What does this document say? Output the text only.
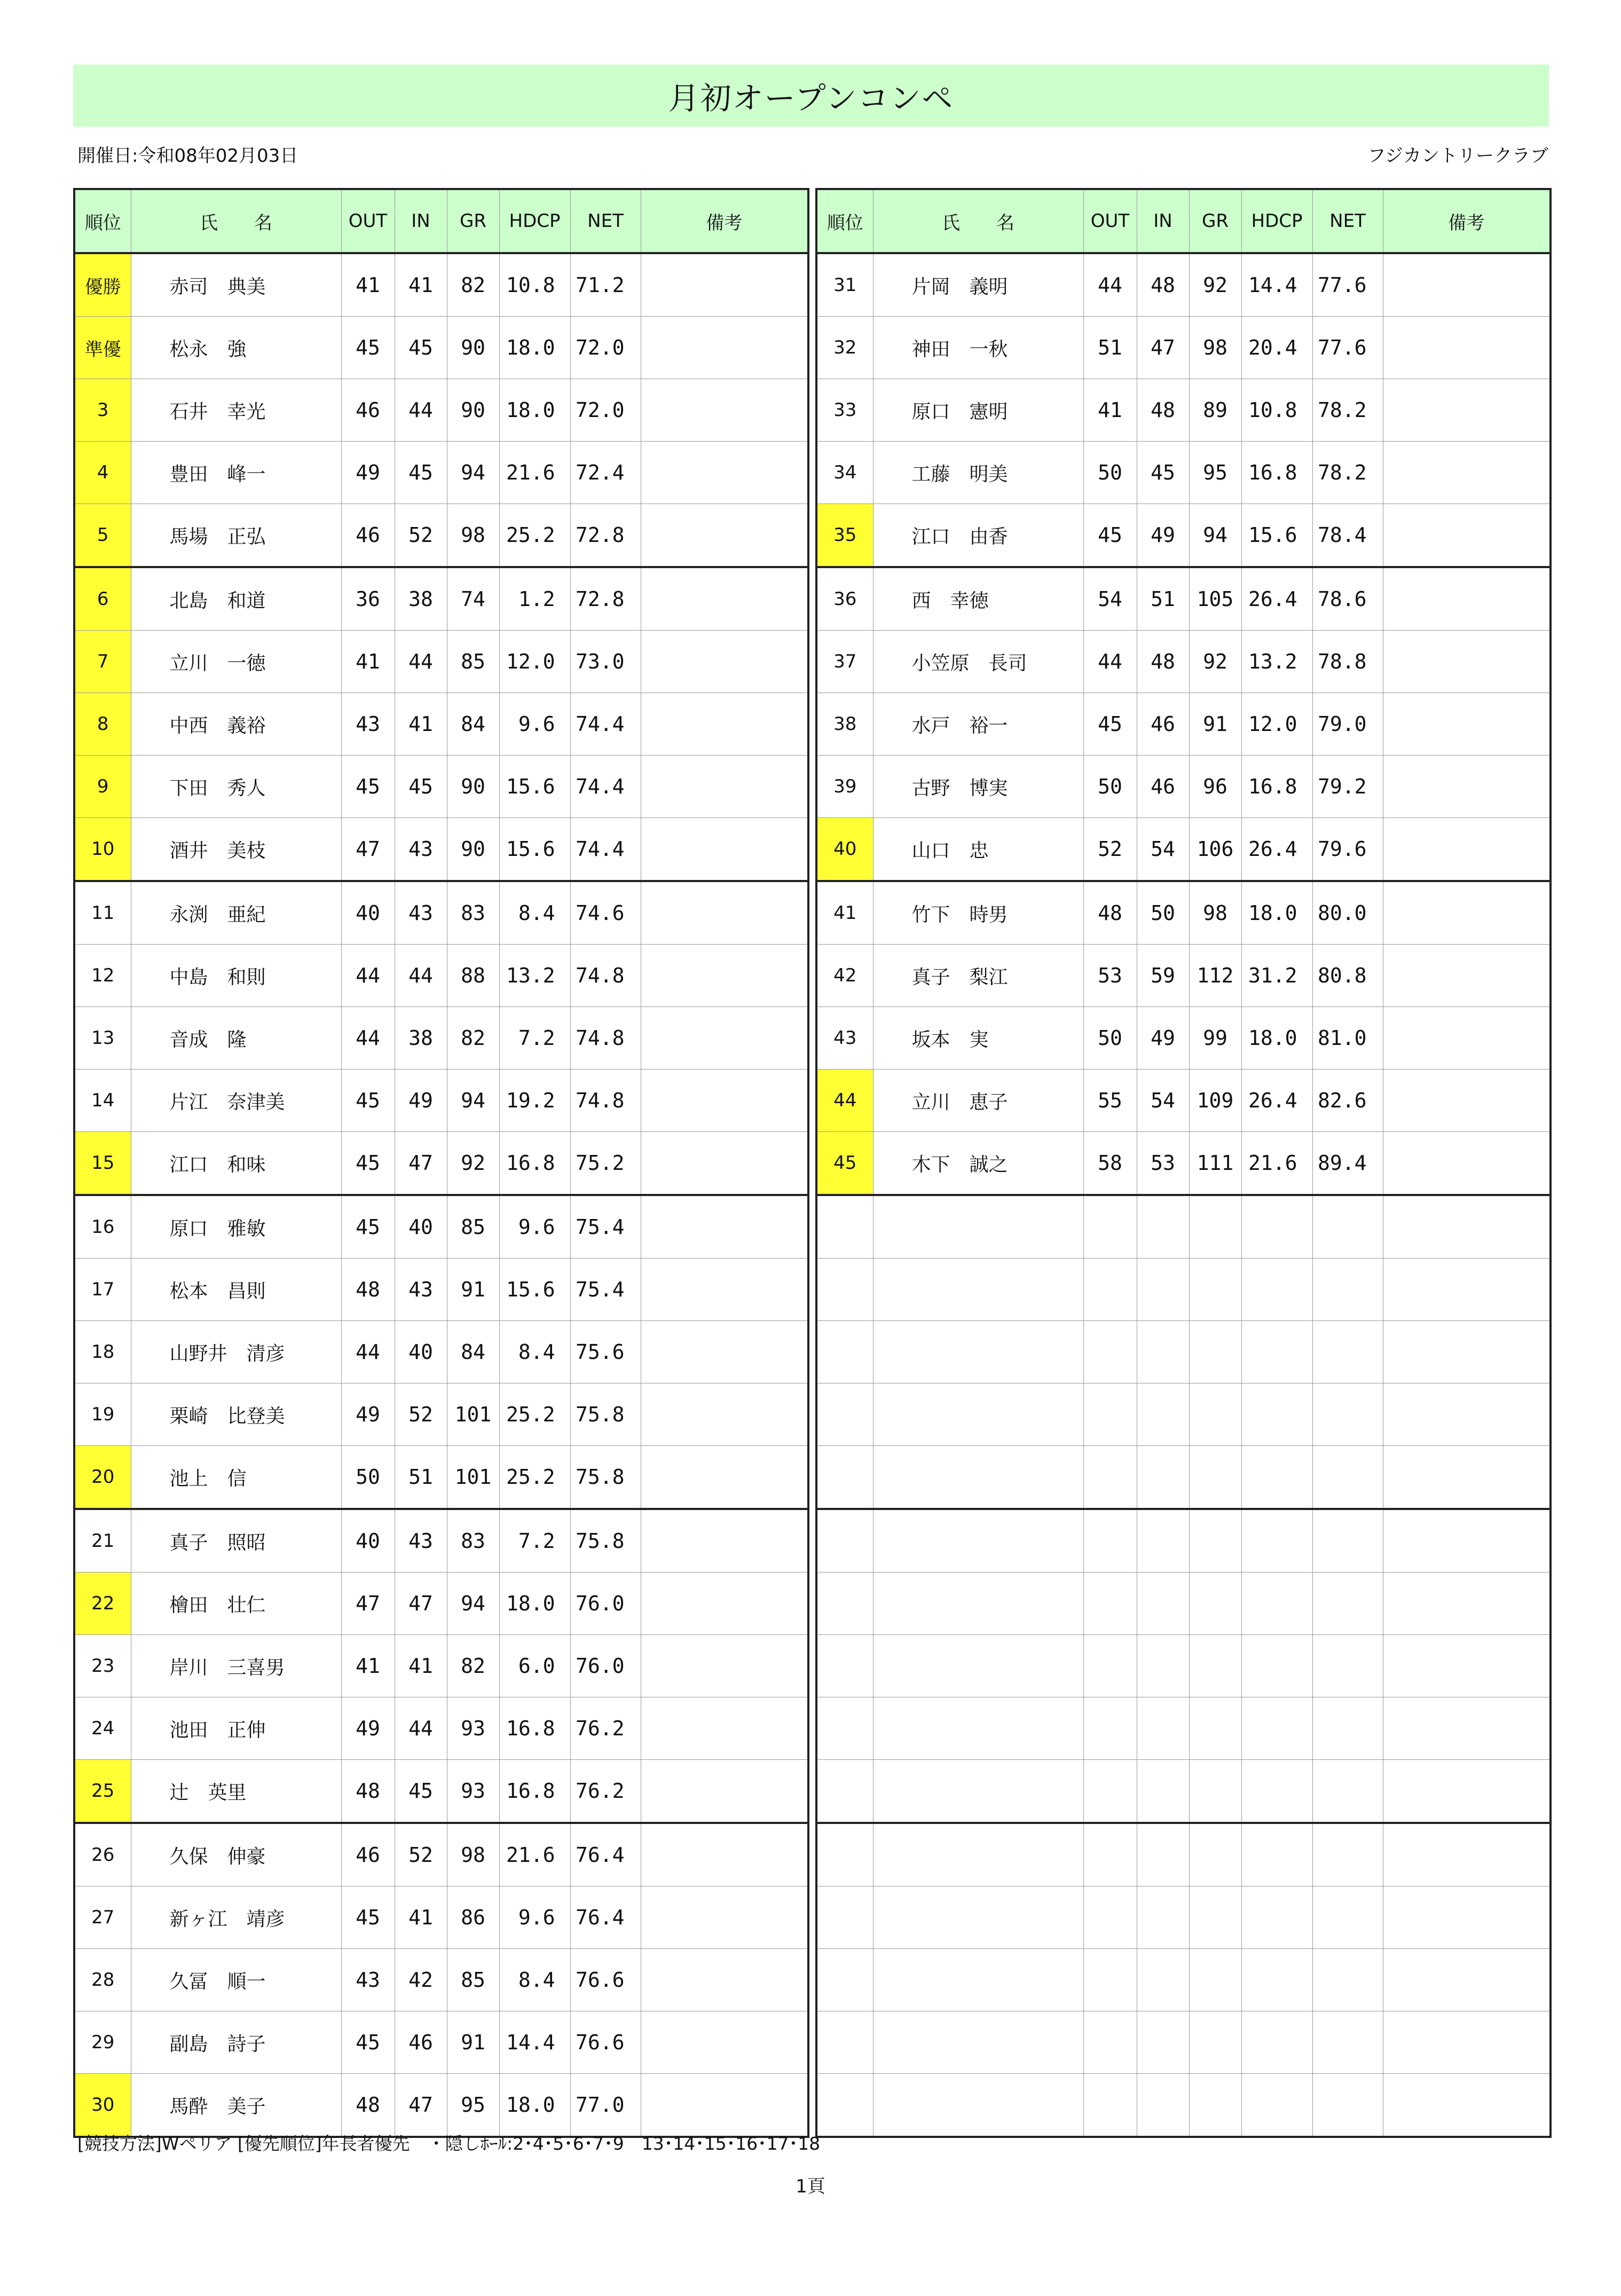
月初オープンコンペ
開催日:令和08年02月03日	フジカントリークラブ
順位	氏　　名	OUT	IN	GR	HDCP	NET	備考
優勝	赤司　典美	41	41	82	10.8	71.2	
準優	松永　強	45	45	90	18.0	72.0	
3	石井　幸光	46	44	90	18.0	72.0	
4	豊田　峰一	49	45	94	21.6	72.4	
5	馬場　正弘	46	52	98	25.2	72.8	
6	北島　和道	36	38	74	1.2	72.8	
7	立川　一徳	41	44	85	12.0	73.0	
8	中西　義裕	43	41	84	9.6	74.4	
9	下田　秀人	45	45	90	15.6	74.4	
10	酒井　美枝	47	43	90	15.6	74.4	
11	永渕　亜紀	40	43	83	8.4	74.6	
12	中島　和則	44	44	88	13.2	74.8	
13	音成　隆	44	38	82	7.2	74.8	
14	片江　奈津美	45	49	94	19.2	74.8	
15	江口　和味	45	47	92	16.8	75.2	
16	原口　雅敏	45	40	85	9.6	75.4	
17	松本　昌則	48	43	91	15.6	75.4	
18	山野井　清彦	44	40	84	8.4	75.6	
19	栗崎　比登美	49	52	101	25.2	75.8	
20	池上　信	50	51	101	25.2	75.8	
21	真子　照昭	40	43	83	7.2	75.8	
22	檜田　壮仁	47	47	94	18.0	76.0	
23	岸川　三喜男	41	41	82	6.0	76.0	
24	池田　正伸	49	44	93	16.8	76.2	
25	辻　英里	48	45	93	16.8	76.2	
26	久保　伸豪	46	52	98	21.6	76.4	
27	新ヶ江　靖彦	45	41	86	9.6	76.4	
28	久冨　順一	43	42	85	8.4	76.6	
29	副島　詩子	45	46	91	14.4	76.6	
30	馬酔　美子	48	47	95	18.0	77.0	
順位	氏　　名	OUT	IN	GR	HDCP	NET	備考
31	片岡　義明	44	48	92	14.4	77.6	
32	神田　一秋	51	47	98	20.4	77.6	
33	原口　憲明	41	48	89	10.8	78.2	
34	工藤　明美	50	45	95	16.8	78.2	
35	江口　由香	45	49	94	15.6	78.4	
36	西　幸徳	54	51	105	26.4	78.6	
37	小笠原　長司	44	48	92	13.2	78.8	
38	水戸　裕一	45	46	91	12.0	79.0	
39	古野　博実	50	46	96	16.8	79.2	
40	山口　忠	52	54	106	26.4	79.6	
41	竹下　時男	48	50	98	18.0	80.0	
42	真子　梨江	53	59	112	31.2	80.8	
43	坂本　実	50	49	99	18.0	81.0	
44	立川　恵子	55	54	109	26.4	82.6	
45	木下　誠之	58	53	111	21.6	89.4	

[競技方法]Wペリア [優先順位]年長者優先　・隠しﾎｰﾙ:2･4･5･6･7･9　13･14･15･16･17･18
1頁
